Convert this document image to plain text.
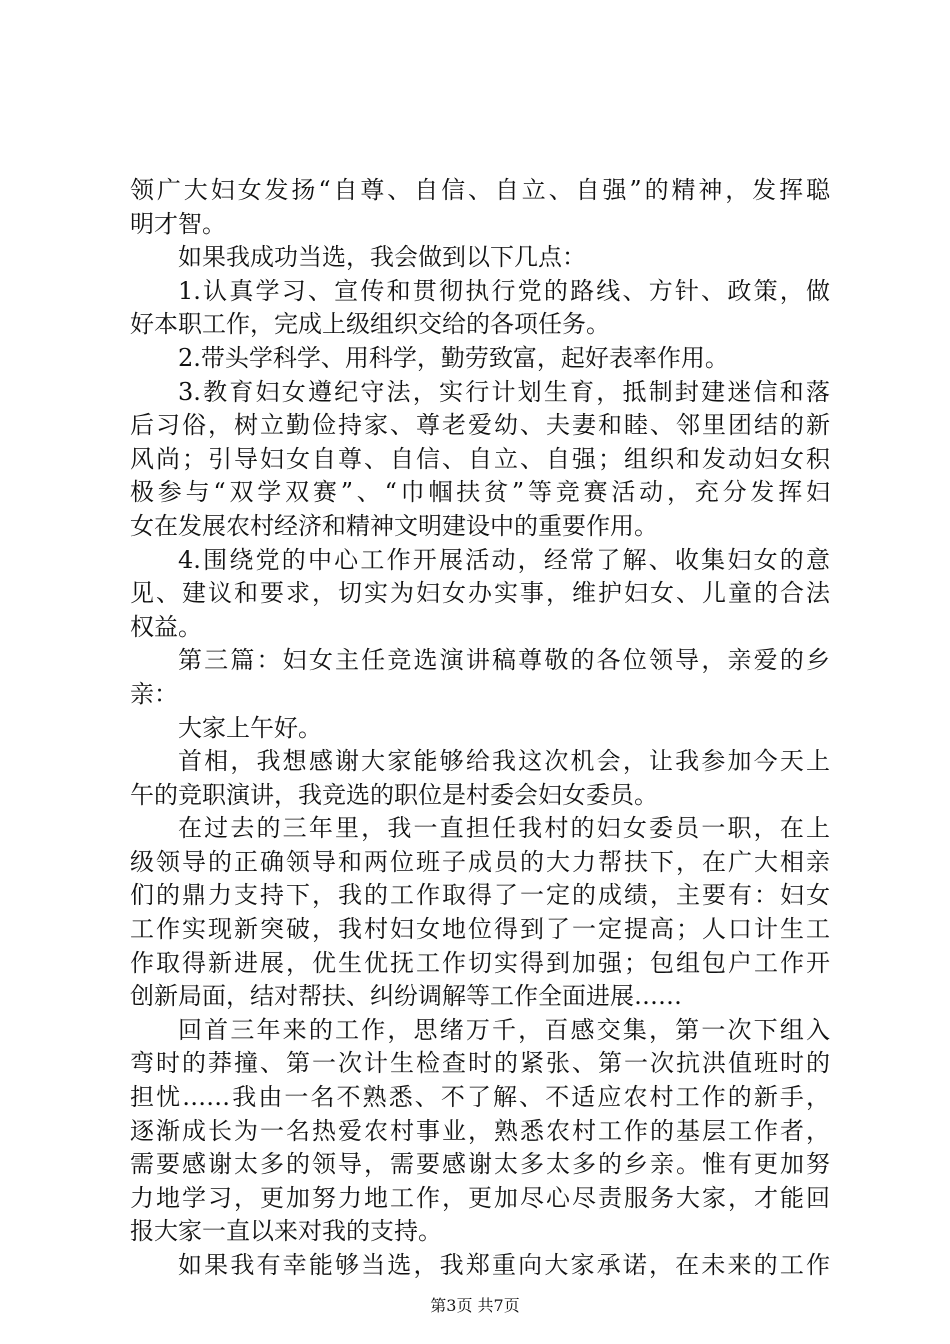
领广大妇女发扬“自尊、自信、自立、自强”的精神，发挥聪

明才智。

如果我成功当选，我会做到以下几点：

1.认真学习、宣传和贯彻执行党的路线、方针、政策，做

好本职工作，完成上级组织交给的各项任务。

2.带头学科学、用科学，勤劳致富，起好表率作用。

3.教育妇女遵纪守法，实行计划生育，抵制封建迷信和落

后习俗，树立勤俭持家、尊老爱幼、夫妻和睦、邻里团结的新

风尚；引导妇女自尊、自信、自立、自强；组织和发动妇女积

极参与“双学双赛”、“巾帼扶贫”等竞赛活动，充分发挥妇

女在发展农村经济和精神文明建设中的重要作用。

4.围绕党的中心工作开展活动，经常了解、收集妇女的意

见、建议和要求，切实为妇女办实事，维护妇女、儿童的合法

权益。

第三篇：妇女主任竞选演讲稿尊敬的各位领导，亲爱的乡

亲：

大家上午好。

首相，我想感谢大家能够给我这次机会，让我参加今天上

午的竞职演讲，我竞选的职位是村委会妇女委员。

在过去的三年里，我一直担任我村的妇女委员一职，在上

级领导的正确领导和两位班子成员的大力帮扶下，在广大相亲

们的鼎力支持下，我的工作取得了一定的成绩，主要有：妇女

工作实现新突破，我村妇女地位得到了一定提高；人口计生工

作取得新进展，优生优抚工作切实得到加强；包组包户工作开

创新局面，结对帮扶、纠纷调解等工作全面进展……

回首三年来的工作，思绪万千，百感交集，第一次下组入

弯时的莽撞、第一次计生检查时的紧张、第一次抗洪值班时的

担忧……我由一名不熟悉、不了解、不适应农村工作的新手，

逐渐成长为一名热爱农村事业，熟悉农村工作的基层工作者，

需要感谢太多的领导，需要感谢太多太多的乡亲。惟有更加努

力地学习，更加努力地工作，更加尽心尽责服务大家，才能回

报大家一直以来对我的支持。

如果我有幸能够当选，我郑重向大家承诺，在未来的工作

第3页 共7页
